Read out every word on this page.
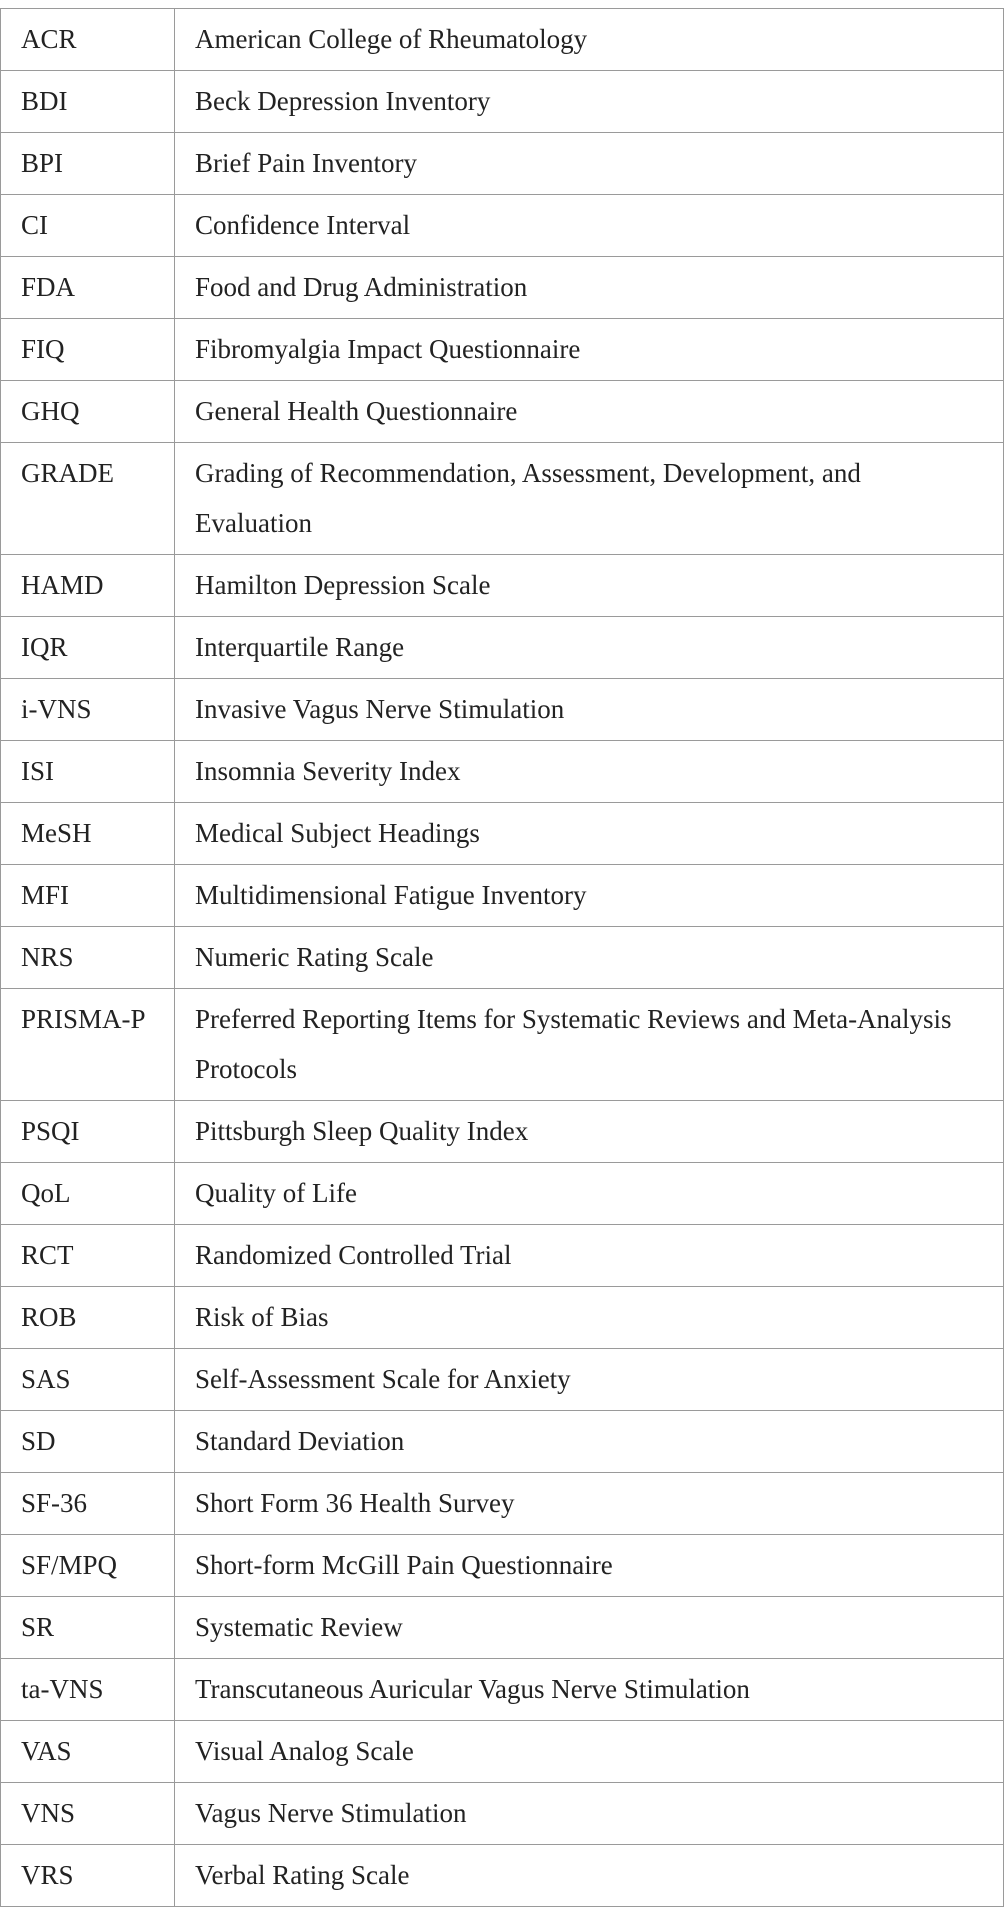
ACR	American College of Rheumatology
BDI	Beck Depression Inventory
BPI	Brief Pain Inventory
CI	Confidence Interval
FDA	Food and Drug Administration
FIQ	Fibromyalgia Impact Questionnaire
GHQ	General Health Questionnaire
GRADE	Grading of Recommendation, Assessment, Development, and Evaluation
HAMD	Hamilton Depression Scale
IQR	Interquartile Range
i-VNS	Invasive Vagus Nerve Stimulation
ISI	Insomnia Severity Index
MeSH	Medical Subject Headings
MFI	Multidimensional Fatigue Inventory
NRS	Numeric Rating Scale
PRISMA-P	Preferred Reporting Items for Systematic Reviews and Meta-Analysis Protocols
PSQI	Pittsburgh Sleep Quality Index
QoL	Quality of Life
RCT	Randomized Controlled Trial
ROB	Risk of Bias
SAS	Self-Assessment Scale for Anxiety
SD	Standard Deviation
SF-36	Short Form 36 Health Survey
SF/MPQ	Short-form McGill Pain Questionnaire
SR	Systematic Review
ta-VNS	Transcutaneous Auricular Vagus Nerve Stimulation
VAS	Visual Analog Scale
VNS	Vagus Nerve Stimulation
VRS	Verbal Rating Scale
